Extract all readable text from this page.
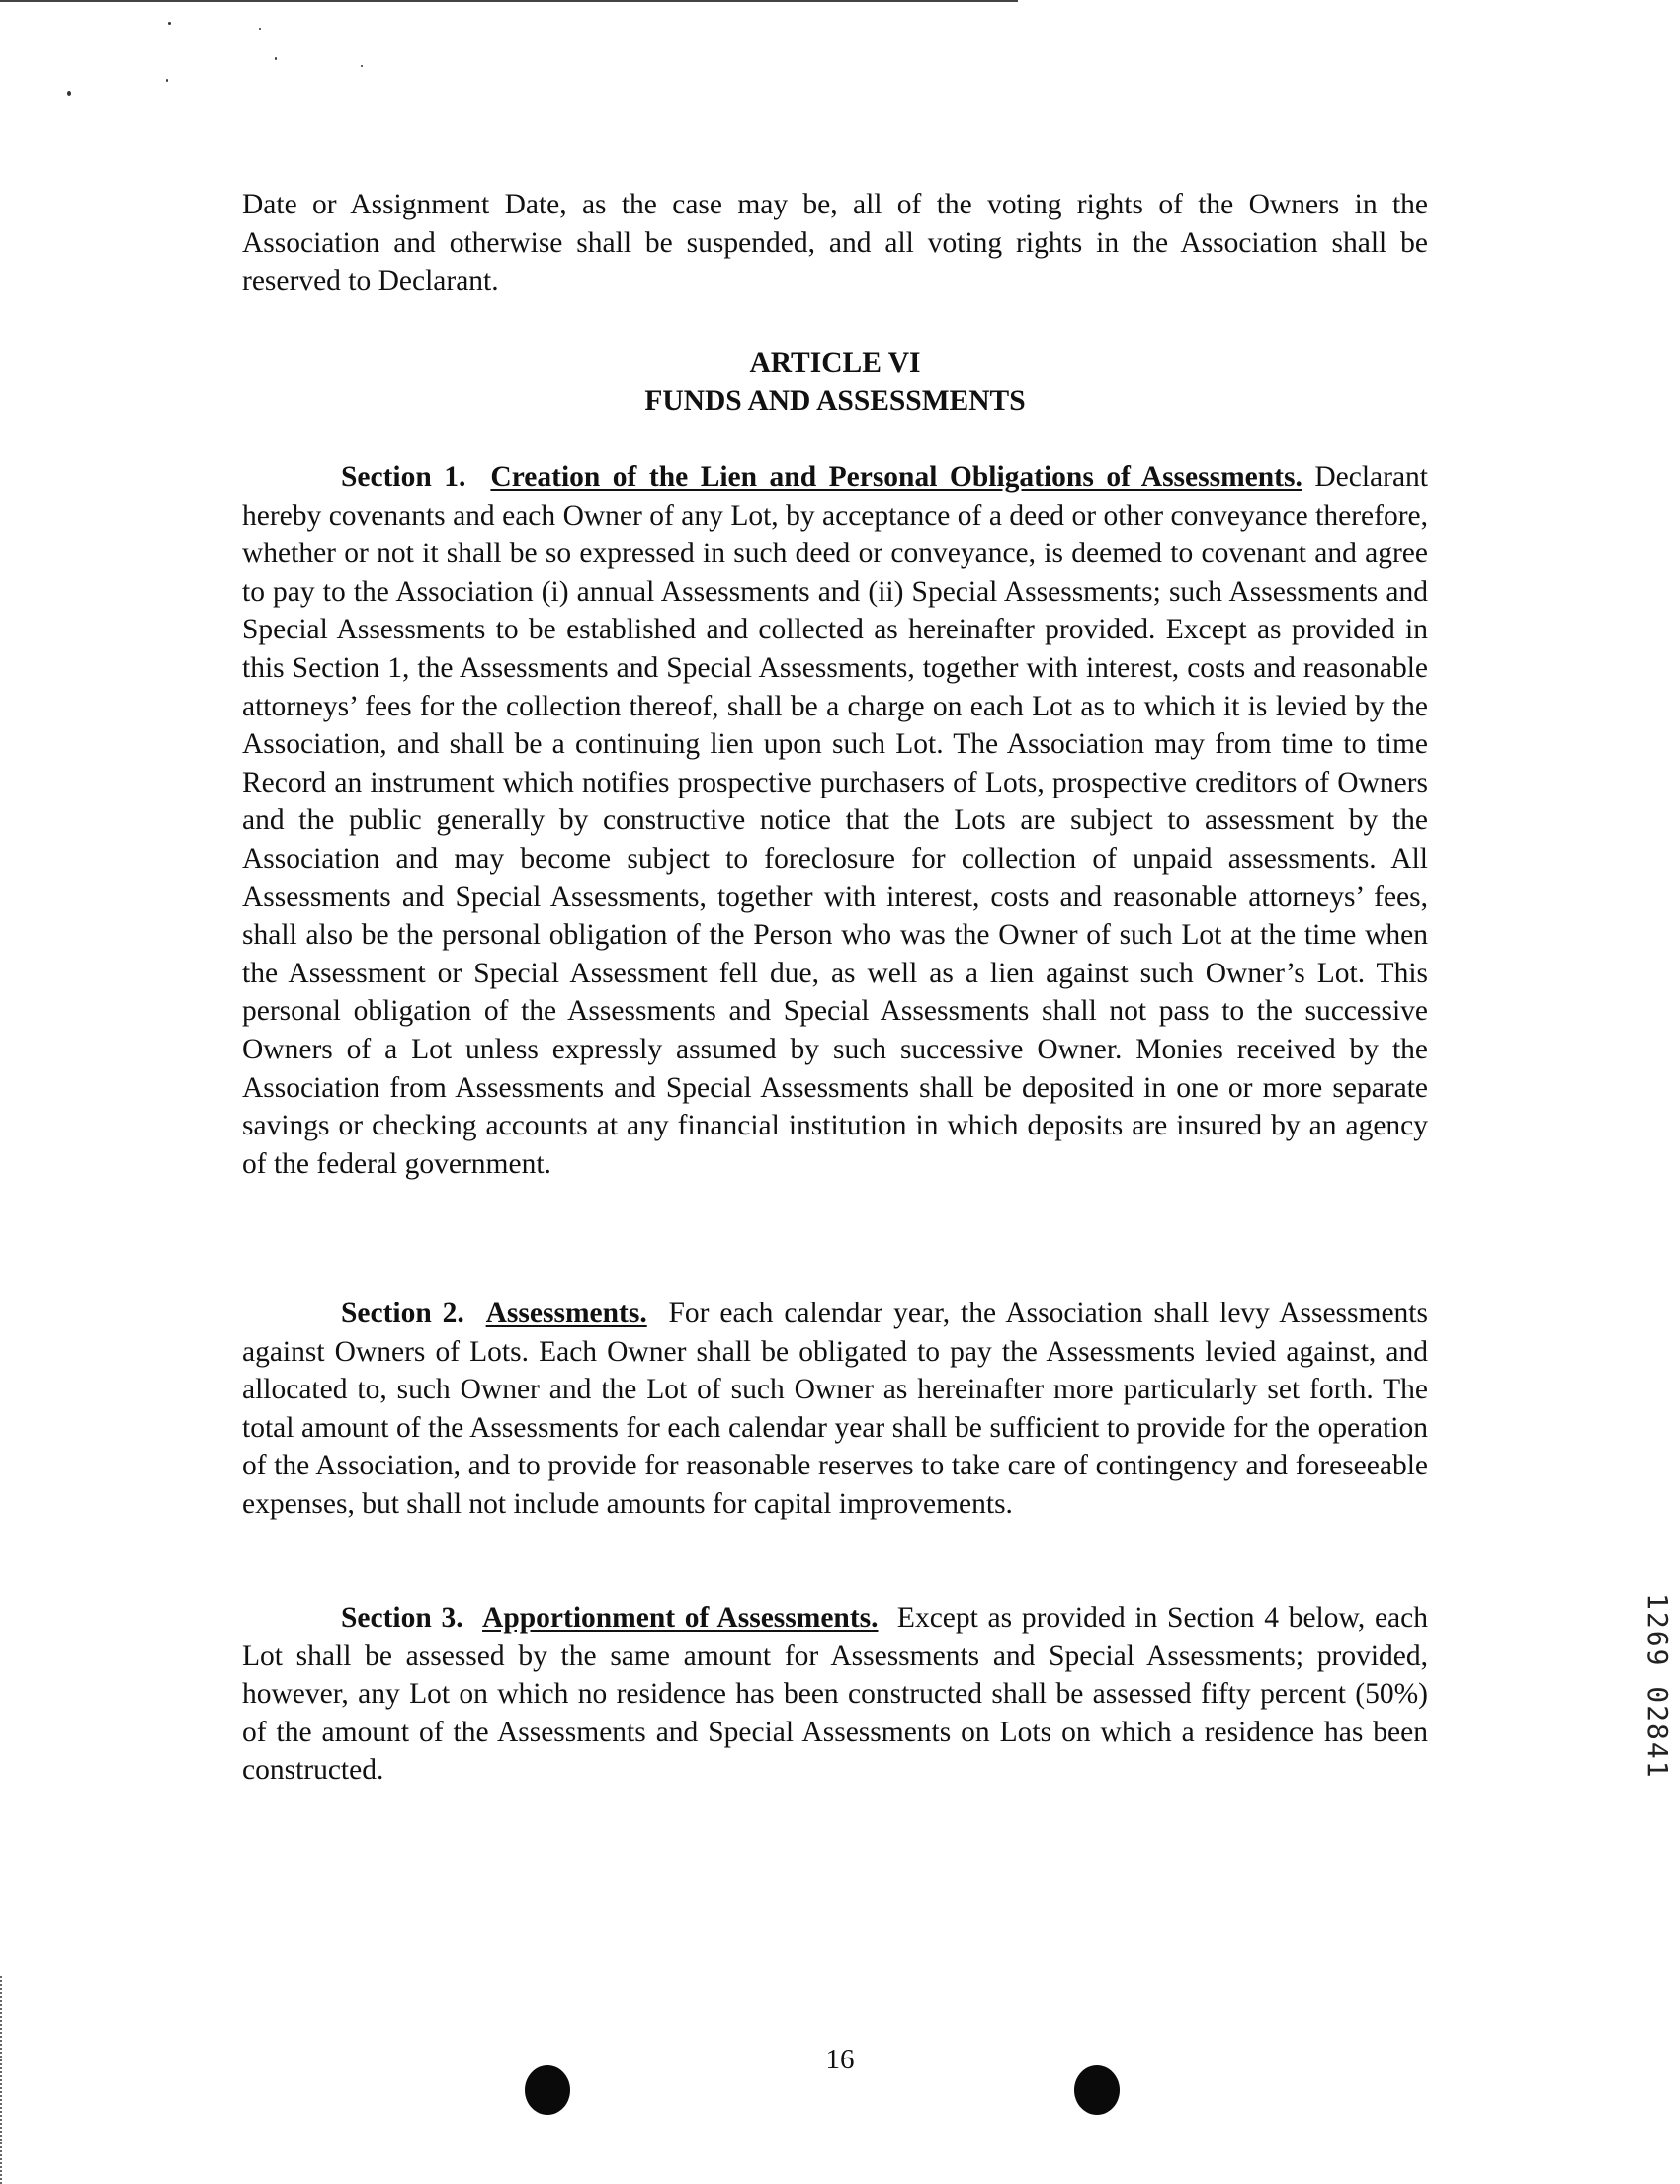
Date or Assignment Date, as the case may be, all of the voting rights of the Owners in the Association and otherwise shall be suspended, and all voting rights in the Association shall be reserved to Declarant.

ARTICLE VI
FUNDS AND ASSESSMENTS

Section 1. Creation of the Lien and Personal Obligations of Assessments. Declarant hereby covenants and each Owner of any Lot, by acceptance of a deed or other conveyance therefore, whether or not it shall be so expressed in such deed or conveyance, is deemed to covenant and agree to pay to the Association (i) annual Assessments and (ii) Special Assessments; such Assessments and Special Assessments to be established and collected as hereinafter provided. Except as provided in this Section 1, the Assessments and Special Assessments, together with interest, costs and reasonable attorneys’ fees for the collection thereof, shall be a charge on each Lot as to which it is levied by the Association, and shall be a continuing lien upon such Lot. The Association may from time to time Record an instrument which notifies prospective purchasers of Lots, prospective creditors of Owners and the public generally by constructive notice that the Lots are subject to assessment by the Association and may become subject to foreclosure for collection of unpaid assessments. All Assessments and Special Assessments, together with interest, costs and reasonable attorneys’ fees, shall also be the personal obligation of the Person who was the Owner of such Lot at the time when the Assessment or Special Assessment fell due, as well as a lien against such Owner’s Lot. This personal obligation of the Assessments and Special Assessments shall not pass to the successive Owners of a Lot unless expressly assumed by such successive Owner. Monies received by the Association from Assessments and Special Assessments shall be deposited in one or more separate savings or checking accounts at any financial institution in which deposits are insured by an agency of the federal government.

Section 2. Assessments. For each calendar year, the Association shall levy Assessments against Owners of Lots. Each Owner shall be obligated to pay the Assessments levied against, and allocated to, such Owner and the Lot of such Owner as hereinafter more particularly set forth. The total amount of the Assessments for each calendar year shall be sufficient to provide for the operation of the Association, and to provide for reasonable reserves to take care of contingency and foreseeable expenses, but shall not include amounts for capital improvements.

Section 3. Apportionment of Assessments. Except as provided in Section 4 below, each Lot shall be assessed by the same amount for Assessments and Special Assessments; provided, however, any Lot on which no residence has been constructed shall be assessed fifty percent (50%) of the amount of the Assessments and Special Assessments on Lots on which a residence has been constructed.	1269 02841
16
